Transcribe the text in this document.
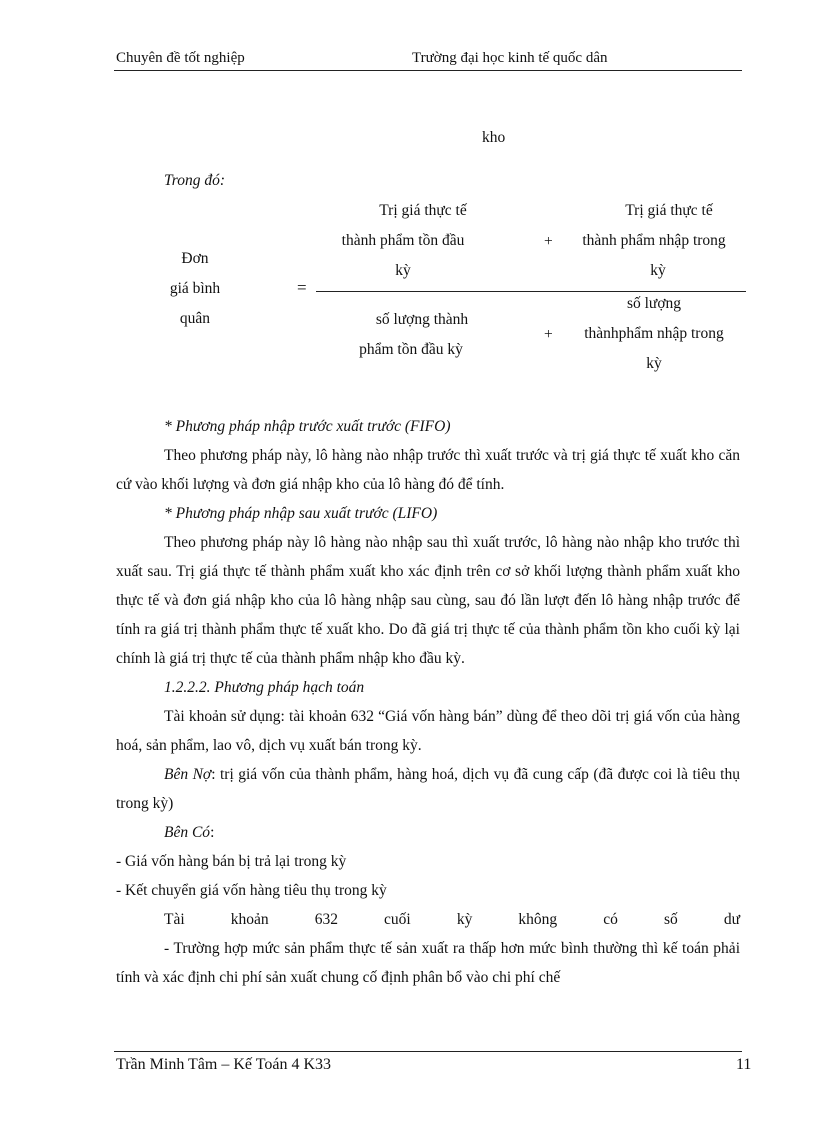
Chuyên đề tốt nghiệp	Trường đại học kinh tế quốc dân
kho
Trong đó:
Đơn
giá bình
quân
=
Trị giá thực tế
thành phẩm tồn đầu
kỳ
+
Trị giá thực tế
thành phẩm nhập trong
kỳ
số lượng thành
phẩm tồn đầu kỳ
+
số lượng
thànhphẩm nhập trong
kỳ

* Phương pháp nhập trước xuất trước (FIFO)

Theo phương pháp này, lô hàng nào nhập trước thì xuất trước và trị giá thực tế xuất kho căn cứ vào khối lượng và đơn giá nhập kho của lô hàng đó để tính.

* Phương pháp nhập sau xuất trước (LIFO)

Theo phương pháp này lô hàng nào nhập sau thì xuất trước, lô hàng nào nhập kho trước thì xuất sau. Trị giá thực tế thành phẩm xuất kho xác định trên cơ sở khối lượng thành phẩm xuất kho thực tế và đơn giá nhập kho của lô hàng nhập sau cùng, sau đó lần lượt đến lô hàng nhập trước để tính ra giá trị thành phẩm thực tế xuất kho. Do đã giá trị thực tế của thành phẩm tồn kho cuối kỳ lại chính là giá trị thực tế của thành phẩm nhập kho đầu kỳ.

1.2.2.2. Phương pháp hạch toán

Tài khoản sử dụng: tài khoản 632 “Giá vốn hàng bán” dùng để theo dõi trị giá vốn của hàng hoá, sản phẩm, lao vô, dịch vụ xuất bán trong kỳ.

Bên Nợ: trị giá vốn của thành phẩm, hàng hoá, dịch vụ đã cung cấp (đã được coi là tiêu thụ trong kỳ)

Bên Có:

- Giá vốn hàng bán bị trả lại trong kỳ

- Kết chuyển giá vốn hàng tiêu thụ trong kỳ

Tài khoản 632 cuối kỳ không có số dư

- Trường hợp mức sản phẩm thực tế sản xuất ra thấp hơn mức bình thường thì kế toán phải tính và xác định chi phí sản xuất chung cố định phân bổ vào chi phí chế

Trần Minh Tâm – Kế Toán 4 K33	11
